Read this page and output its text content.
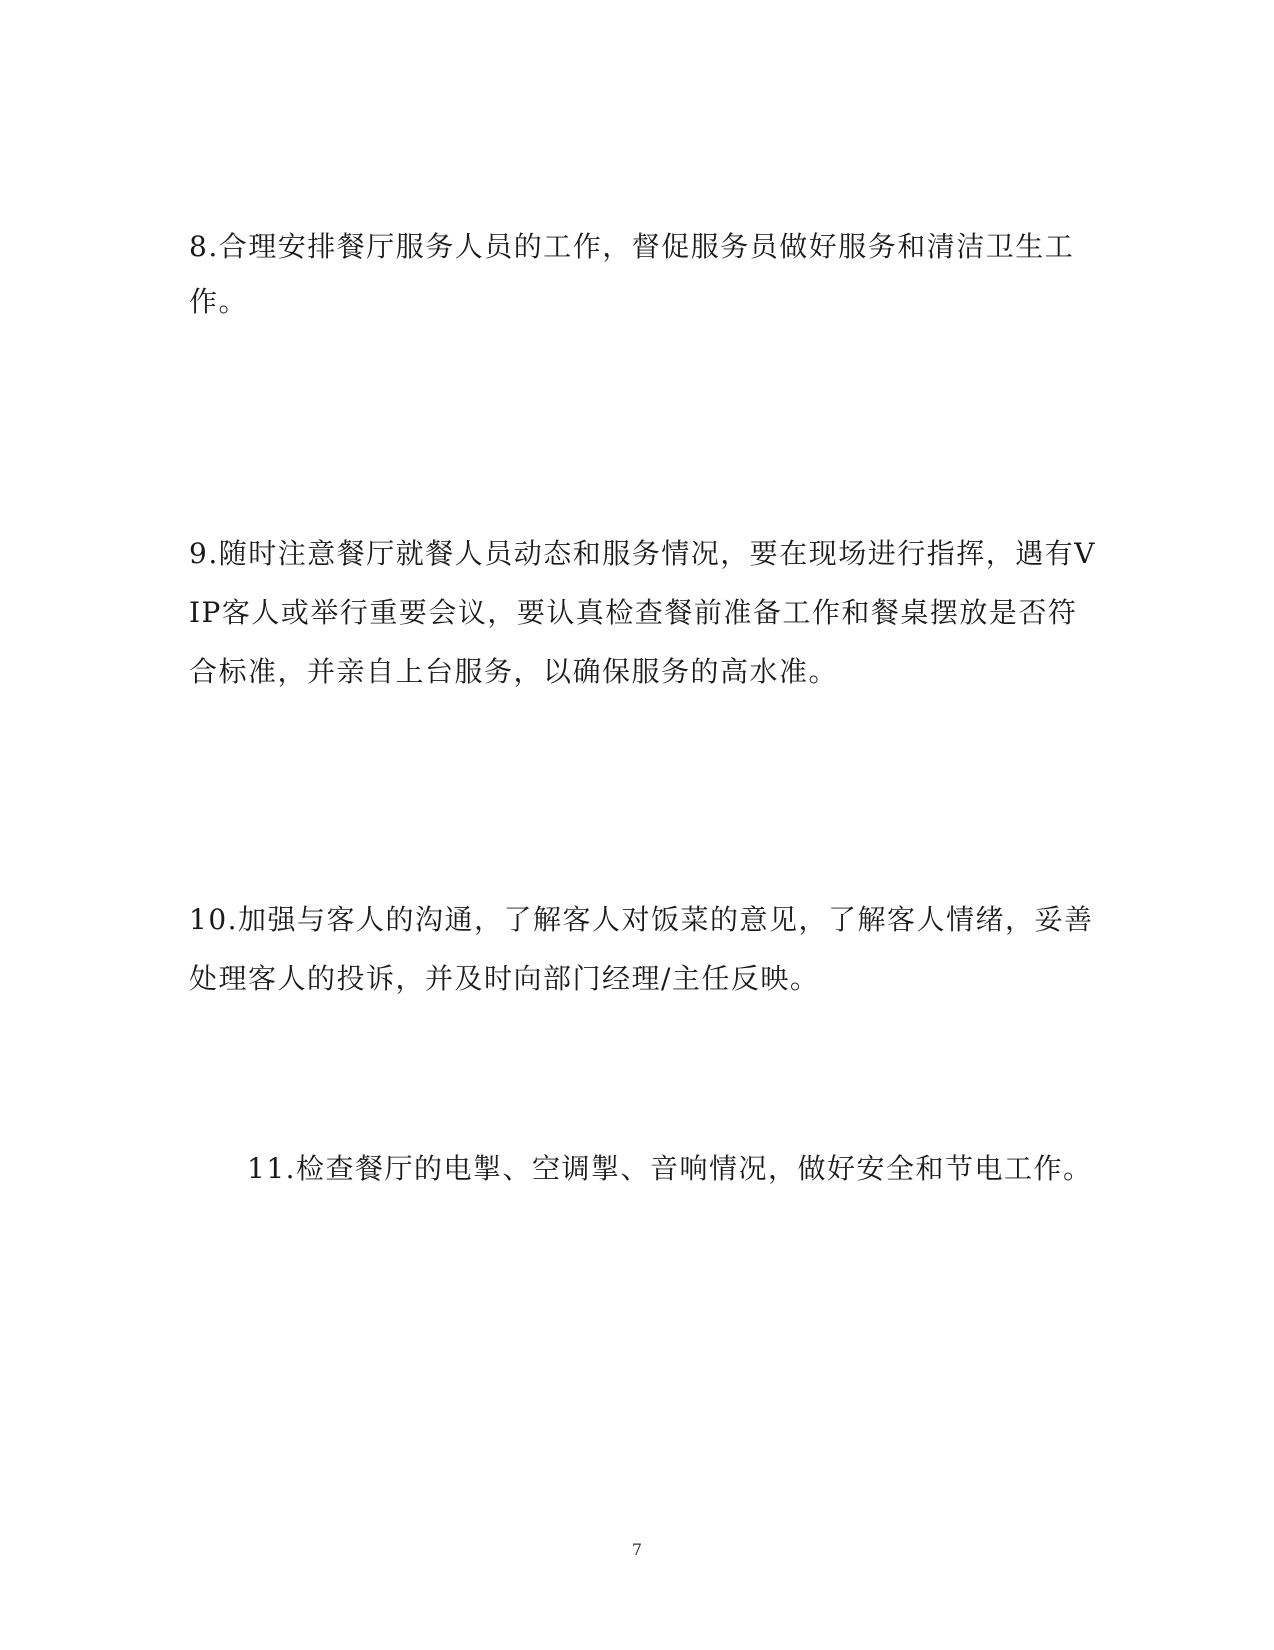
8.合理安排餐厅服务人员的工作，督促服务员做好服务和清洁卫生工

作。

9.随时注意餐厅就餐人员动态和服务情况，要在现场进行指挥，遇有V

IP客人或举行重要会议，要认真检查餐前准备工作和餐桌摆放是否符

合标准，并亲自上台服务，以确保服务的高水准。

10.加强与客人的沟通，了解客人对饭菜的意见，了解客人情绪，妥善

处理客人的投诉，并及时向部门经理/主任反映。

11.检查餐厅的电掣、空调掣、音响情况，做好安全和节电工作。

7
